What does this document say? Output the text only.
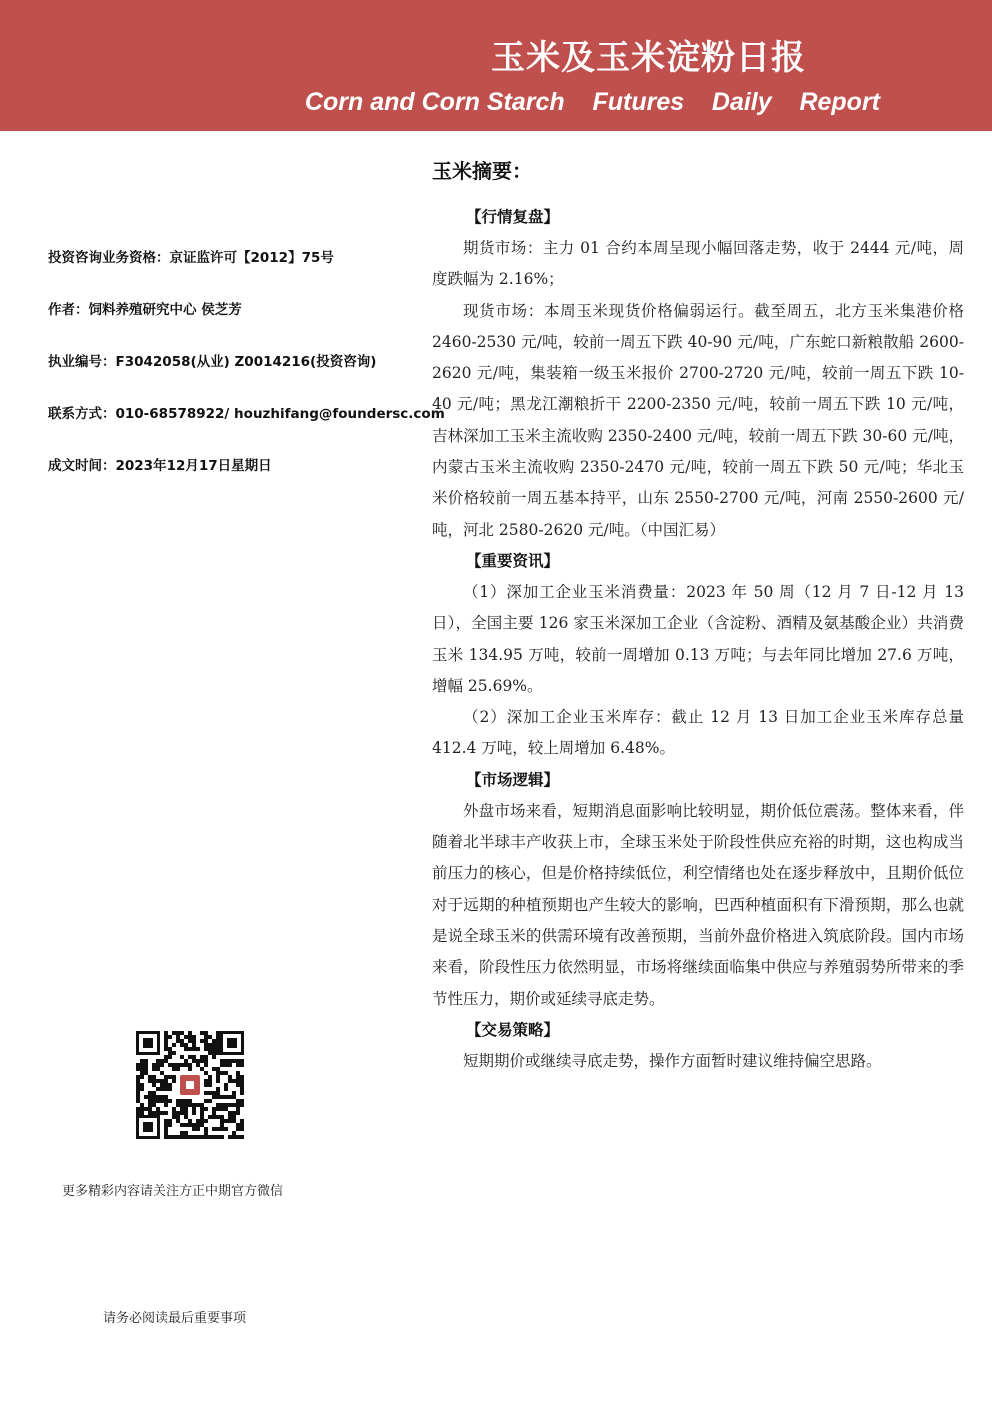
玉米及玉米淀粉日报
Corn and Corn Starch    Futures    Daily    Report
投资咨询业务资格：京证监许可【2012】75号
作者：饲料养殖研究中心 侯芝芳
执业编号：F3042058(从业) Z0014216(投资咨询)
联系方式：010-68578922/ houzhifang@foundersc.com
成文时间：2023年12月17日星期日
更多精彩内容请关注方正中期官方微信
请务必阅读最后重要事项
玉米摘要：
【行情复盘】

期货市场：主力 01 合约本周呈现小幅回落走势，收于 2444 元/吨，周度跌幅为 2.16%；

现货市场：本周玉米现货价格偏弱运行。截至周五，北方玉米集港价格 2460-2530 元/吨，较前一周五下跌 40-90 元/吨，广东蛇口新粮散船 2600-2620 元/吨，集装箱一级玉米报价 2700-2720 元/吨，较前一周五下跌 10-40 元/吨；黑龙江潮粮折干 2200-2350 元/吨，较前一周五下跌 10 元/吨，吉林深加工玉米主流收购 2350-2400 元/吨，较前一周五下跌 30-60 元/吨，内蒙古玉米主流收购 2350-2470 元/吨，较前一周五下跌 50 元/吨；华北玉米价格较前一周五基本持平，山东 2550-2700 元/吨，河南 2550-2600 元/吨，河北 2580-2620 元/吨。（中国汇易）

【重要资讯】

（1）深加工企业玉米消费量：2023 年 50 周（12 月 7 日-12 月 13 日），全国主要 126 家玉米深加工企业（含淀粉、酒精及氨基酸企业）共消费玉米 134.95 万吨，较前一周增加 0.13 万吨；与去年同比增加 27.6 万吨，增幅 25.69%。

（2）深加工企业玉米库存：截止 12 月 13 日加工企业玉米库存总量 412.4 万吨，较上周增加 6.48%。

【市场逻辑】

外盘市场来看，短期消息面影响比较明显，期价低位震荡。整体来看，伴随着北半球丰产收获上市，全球玉米处于阶段性供应充裕的时期，这也构成当前压力的核心，但是价格持续低位，利空情绪也处在逐步释放中，且期价低位对于远期的种植预期也产生较大的影响，巴西种植面积有下滑预期，那么也就是说全球玉米的供需环境有改善预期，当前外盘价格进入筑底阶段。国内市场来看，阶段性压力依然明显，市场将继续面临集中供应与养殖弱势所带来的季节性压力，期价或延续寻底走势。

【交易策略】

短期期价或继续寻底走势，操作方面暂时建议维持偏空思路。
